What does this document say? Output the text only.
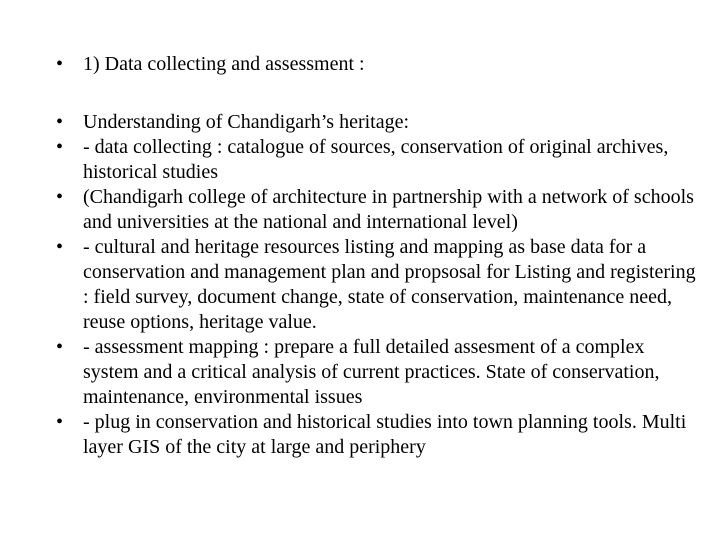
• 1) Data collecting and assessment :
• Understanding of Chandigarh’s heritage:
• - data collecting : catalogue of sources, conservation of original archives, historical studies
• (Chandigarh college of architecture in partnership with a network of schools and universities at the national and international level)
• - cultural and heritage resources listing and mapping as base data for a conservation and management plan and propsosal for Listing and registering : field survey, document change, state of conservation, maintenance need, reuse options, heritage value.
• - assessment mapping : prepare a full detailed assesment of a complex system and a critical analysis of current practices. State of conservation, maintenance, environmental issues
• - plug in conservation and historical studies into town planning tools. Multi layer GIS of the city at large and periphery
